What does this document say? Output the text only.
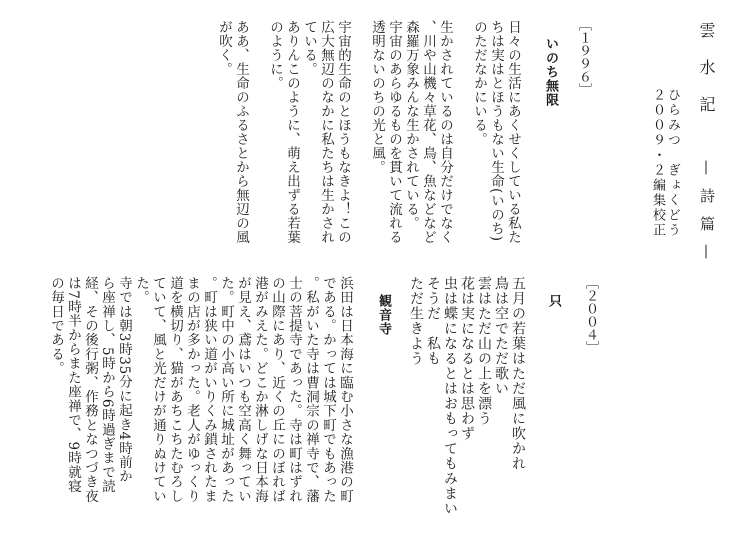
雲水記
—詩篇—
ひらみつ　ぎょくどう
２００９・２編集校正
［１９９６］
いのち無限
日々の生活にあくせくしている私た
ちは実はとほうもない生命(いのち)
のただなかにいる。
生かされているのは自分だけでなく
、川や山機々草花、鳥、魚などなど
森羅万象みんな生かされている。
宇宙のあらゆるものを貫いて流れる
透明ないのちの光と風。
宇宙的生命のとほうもなきよ！この
広大無辺のなかに私たちは生かされ
ている。
ありんこのように、萌え出ずる若葉
のように。
ああ、生命のふるさとから無辺の風
が吹く。
［２００４］
只
五月の若葉はただ風に吹かれ
鳥は空でただ歌い
雲はただ山の上を漂う
花は実になるとは思わず
虫は蝶になるとはおもってもみまい
そうだ　私も
ただ生きよう
観音寺
浜田は日本海に臨む小さな漁港の町
である。かっては城下町でもあった
。私がいた寺は曹洞宗の禅寺で、藩
士の菩提寺であった。寺は町はずれ
の山際にあり、近くの丘にのぼれば
港がみえた。どこか淋しげな日本海
が見え、鳶はいつも空高く舞ってい
た。町中の小高い所に城址があった
。町は狭い道がいりくみ鎖されたま
まの店が多かった。老人がゆっくり
道を横切り、猫があちこちたむろし
ていて、風と光だけが通りぬけてい
た。
寺では朝3時35分に起き4時前か
ら座禅し、5時から6時過ぎまで読
経、その後行粥、作務となつづき夜
は7時半からまた座禅で、9時就寝
の毎日である。
